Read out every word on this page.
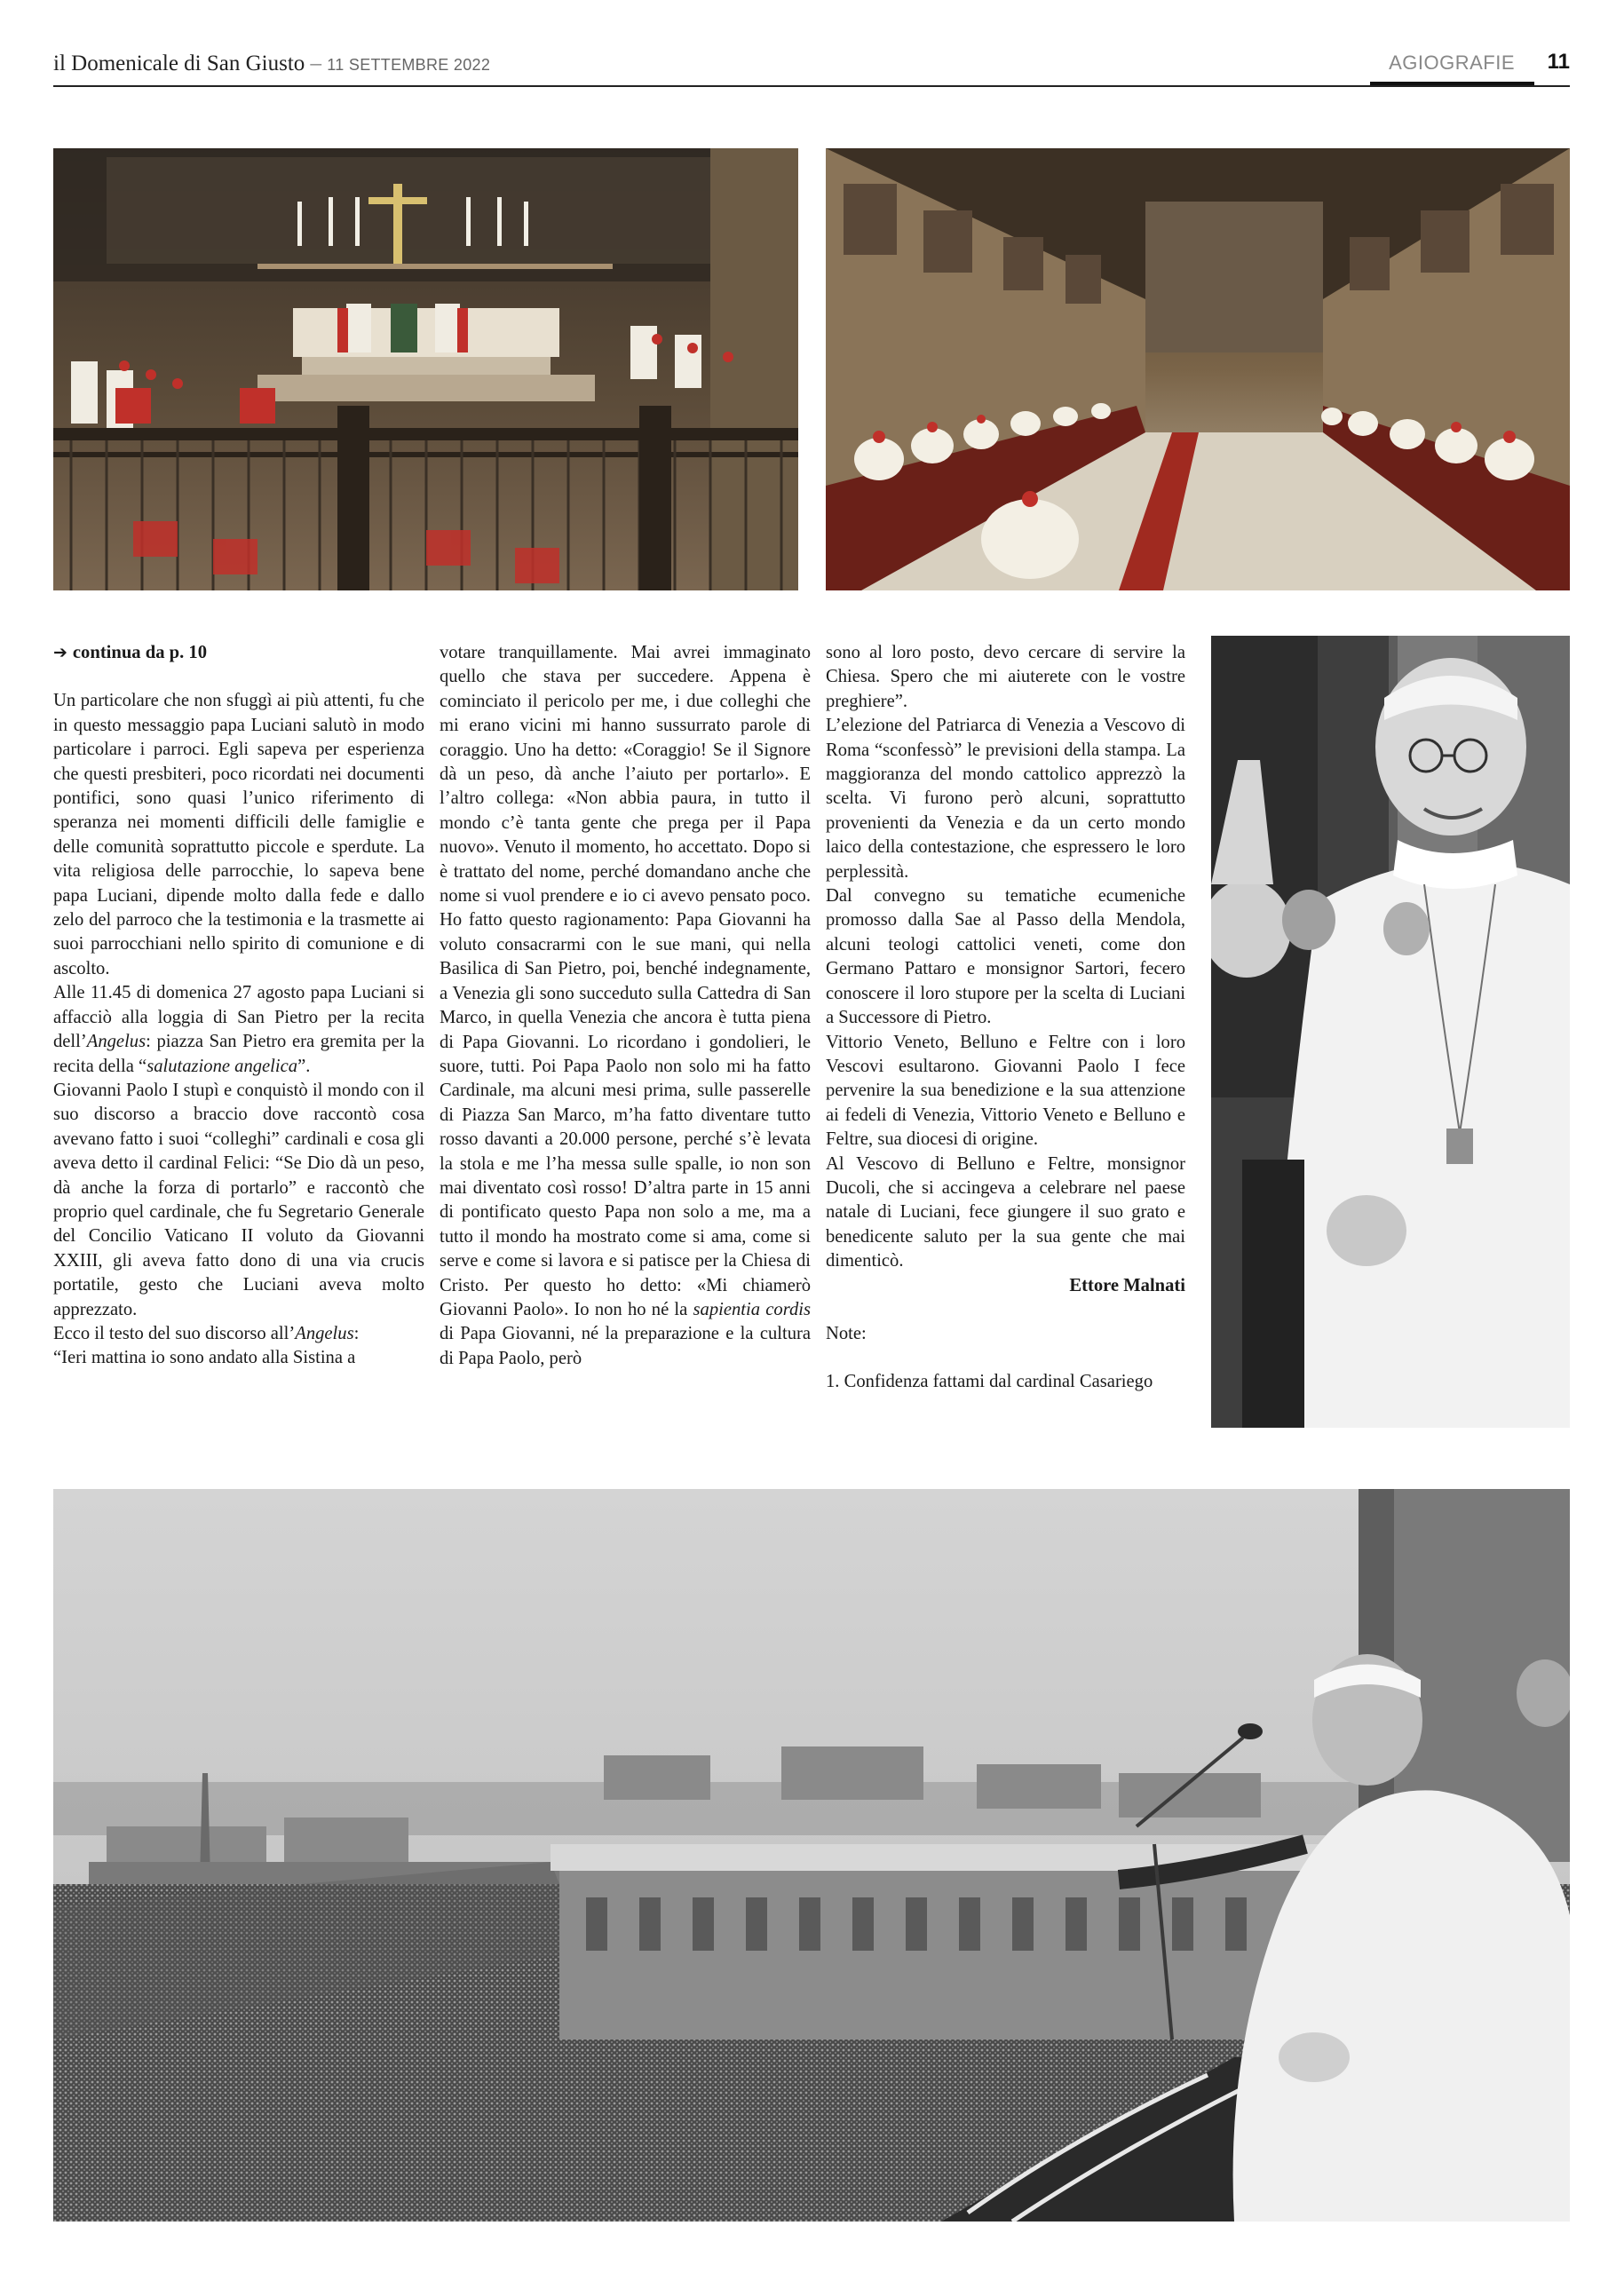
il Domenicale di San Giusto – 11 SETTEMBRE 2022	AGIOGRAFIE 11

➔ continua da p. 10

Un particolare che non sfuggì ai più attenti, fu che in questo messaggio papa Luciani salutò in modo particolare i parroci. Egli sapeva per esperienza che questi presbiteri, poco ricordati nei documenti pontifici, sono quasi l’unico riferimento di speranza nei momenti difficili delle famiglie e delle comunità soprattutto piccole e sperdute. La vita religiosa delle parrocchie, lo sapeva bene papa Luciani, dipende molto dalla fede e dallo zelo del parroco che la testimonia e la trasmette ai suoi parrocchiani nello spirito di comunione e di ascolto.

Alle 11.45 di domenica 27 agosto papa Luciani si affacciò alla loggia di San Pietro per la recita dell’Angelus: piazza San Pietro era gremita per la recita della “salutazione angelica”.

Giovanni Paolo I stupì e conquistò il mondo con il suo discorso a braccio dove raccontò cosa avevano fatto i suoi “colleghi” cardinali e cosa gli aveva detto il cardinal Felici: “Se Dio dà un peso, dà anche la forza di portarlo” e raccontò che proprio quel cardinale, che fu Segretario Generale del Concilio Vaticano II voluto da Giovanni XXIII, gli aveva fatto dono di una via crucis portatile, gesto che Luciani aveva molto apprezzato.

Ecco il testo del suo discorso all’Angelus:

“Ieri mattina io sono andato alla Sistina a

votare tranquillamente. Mai avrei immaginato quello che stava per succedere. Appena è cominciato il pericolo per me, i due colleghi che mi erano vicini mi hanno sussurrato parole di coraggio. Uno ha detto: «Coraggio! Se il Signore dà un peso, dà anche l’aiuto per portarlo». E l’altro collega: «Non abbia paura, in tutto il mondo c’è tanta gente che prega per il Papa nuovo». Venuto il momento, ho accettato. Dopo si è trattato del nome, perché domandano anche che nome si vuol prendere e io ci avevo pensato poco. Ho fatto questo ragionamento: Papa Giovanni ha voluto consacrarmi con le sue mani, qui nella Basilica di San Pietro, poi, benché indegnamente, a Venezia gli sono succeduto sulla Cattedra di San Marco, in quella Venezia che ancora è tutta piena di Papa Giovanni. Lo ricordano i gondolieri, le suore, tutti. Poi Papa Paolo non solo mi ha fatto Cardinale, ma alcuni mesi prima, sulle passerelle di Piazza San Marco, m’ha fatto diventare tutto rosso davanti a 20.000 persone, perché s’è levata la stola e me l’ha messa sulle spalle, io non son mai diventato così rosso! D’altra parte in 15 anni di pontificato questo Papa non solo a me, ma a tutto il mondo ha mostrato come si ama, come si serve e come si lavora e si patisce per la Chiesa di Cristo. Per questo ho detto: «Mi chiamerò Giovanni Paolo». Io non ho né la sapientia cordis di Papa Giovanni, né la preparazione e la cultura di Papa Paolo, però

sono al loro posto, devo cercare di servire la Chiesa. Spero che mi aiuterete con le vostre preghiere”.

L’elezione del Patriarca di Venezia a Vescovo di Roma “sconfessò” le previsioni della stampa. La maggioranza del mondo cattolico apprezzò la scelta. Vi furono però alcuni, soprattutto provenienti da Venezia e da un certo mondo laico della contestazione, che espressero le loro perplessità.

Dal convegno su tematiche ecumeniche promosso dalla Sae al Passo della Mendola, alcuni teologi cattolici veneti, come don Germano Pattaro e monsignor Sartori, fecero conoscere il loro stupore per la scelta di Luciani a Successore di Pietro.

Vittorio Veneto, Belluno e Feltre con i loro Vescovi esultarono. Giovanni Paolo I fece pervenire la sua benedizione e la sua attenzione ai fedeli di Venezia, Vittorio Veneto e Belluno e Feltre, sua diocesi di origine.

Al Vescovo di Belluno e Feltre, monsignor Ducoli, che si accingeva a celebrare nel paese natale di Luciani, fece giungere il suo grato e benedicente saluto per la sua gente che mai dimenticò.

Ettore Malnati

Note:

1. Confidenza fattami dal cardinal Casariego
